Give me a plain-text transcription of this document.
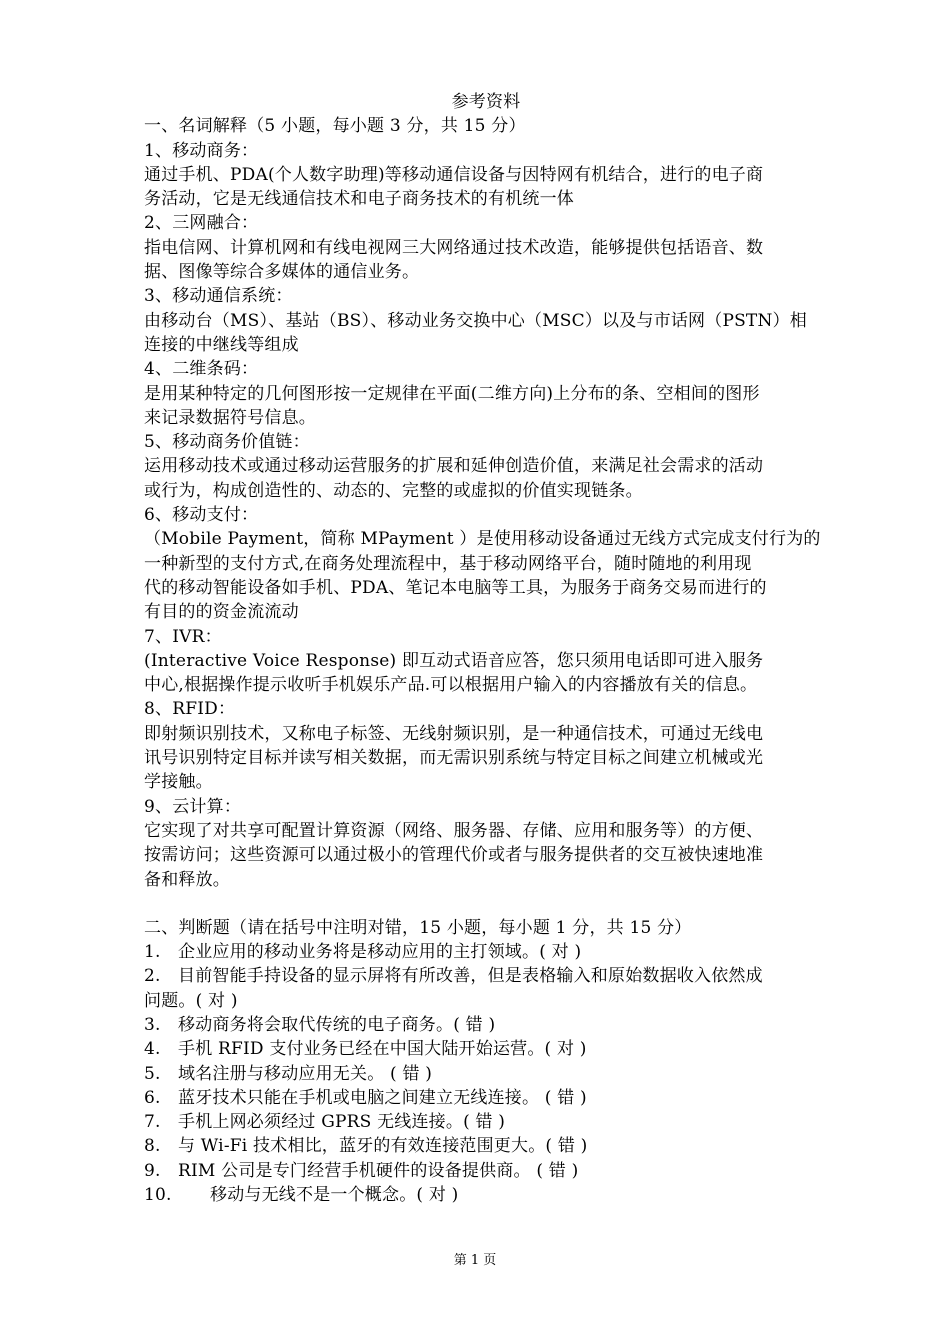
参考资料
一、名词解释（5 小题，每小题 3 分，共 15 分）
1、移动商务：
通过手机、PDA(个人数字助理)等移动通信设备与因特网有机结合，进行的电子商
务活动，它是无线通信技术和电子商务技术的有机统一体
2、三网融合：
指电信网、计算机网和有线电视网三大网络通过技术改造，能够提供包括语音、数
据、图像等综合多媒体的通信业务。
3、移动通信系统：
由移动台（MS）、基站（BS）、移动业务交换中心（MSC）以及与市话网（PSTN）相
连接的中继线等组成
4、二维条码：
是用某种特定的几何图形按一定规律在平面(二维方向)上分布的条、空相间的图形
来记录数据符号信息。
5、移动商务价值链：
运用移动技术或通过移动运营服务的扩展和延伸创造价值，来满足社会需求的活动
或行为，构成创造性的、动态的、完整的或虚拟的价值实现链条。
6、移动支付：
（Mobile Payment，简称 MPayment ）是使用移动设备通过无线方式完成支付行为的
一种新型的支付方式,在商务处理流程中，基于移动网络平台，随时随地的利用现
代的移动智能设备如手机、PDA、笔记本电脑等工具，为服务于商务交易而进行的
有目的的资金流流动
7、IVR：
(Interactive Voice Response) 即互动式语音应答，您只须用电话即可进入服务
中心,根据操作提示收听手机娱乐产品.可以根据用户输入的内容播放有关的信息。
8、RFID：
即射频识别技术，又称电子标签、无线射频识别，是一种通信技术，可通过无线电
讯号识别特定目标并读写相关数据，而无需识别系统与特定目标之间建立机械或光
学接触。
9、云计算：
它实现了对共享可配置计算资源（网络、服务器、存储、应用和服务等）的方便、
按需访问；这些资源可以通过极小的管理代价或者与服务提供者的交互被快速地准
备和释放。
二、判断题（请在括号中注明对错，15 小题，每小题 1 分，共 15 分）
1. 企业应用的移动业务将是移动应用的主打领域。( 对 )
2. 目前智能手持设备的显示屏将有所改善，但是表格输入和原始数据收入依然成
问题。( 对 )
3. 移动商务将会取代传统的电子商务。( 错 )
4. 手机 RFID 支付业务已经在中国大陆开始运营。( 对 )
5. 域名注册与移动应用无关。 ( 错 )
6. 蓝牙技术只能在手机或电脑之间建立无线连接。 ( 错 )
7. 手机上网必须经过 GPRS 无线连接。( 错 )
8. 与 Wi-Fi 技术相比，蓝牙的有效连接范围更大。( 错 )
9. RIM 公司是专门经营手机硬件的设备提供商。 ( 错 )
10. 移动与无线不是一个概念。( 对 )
第 1 页
